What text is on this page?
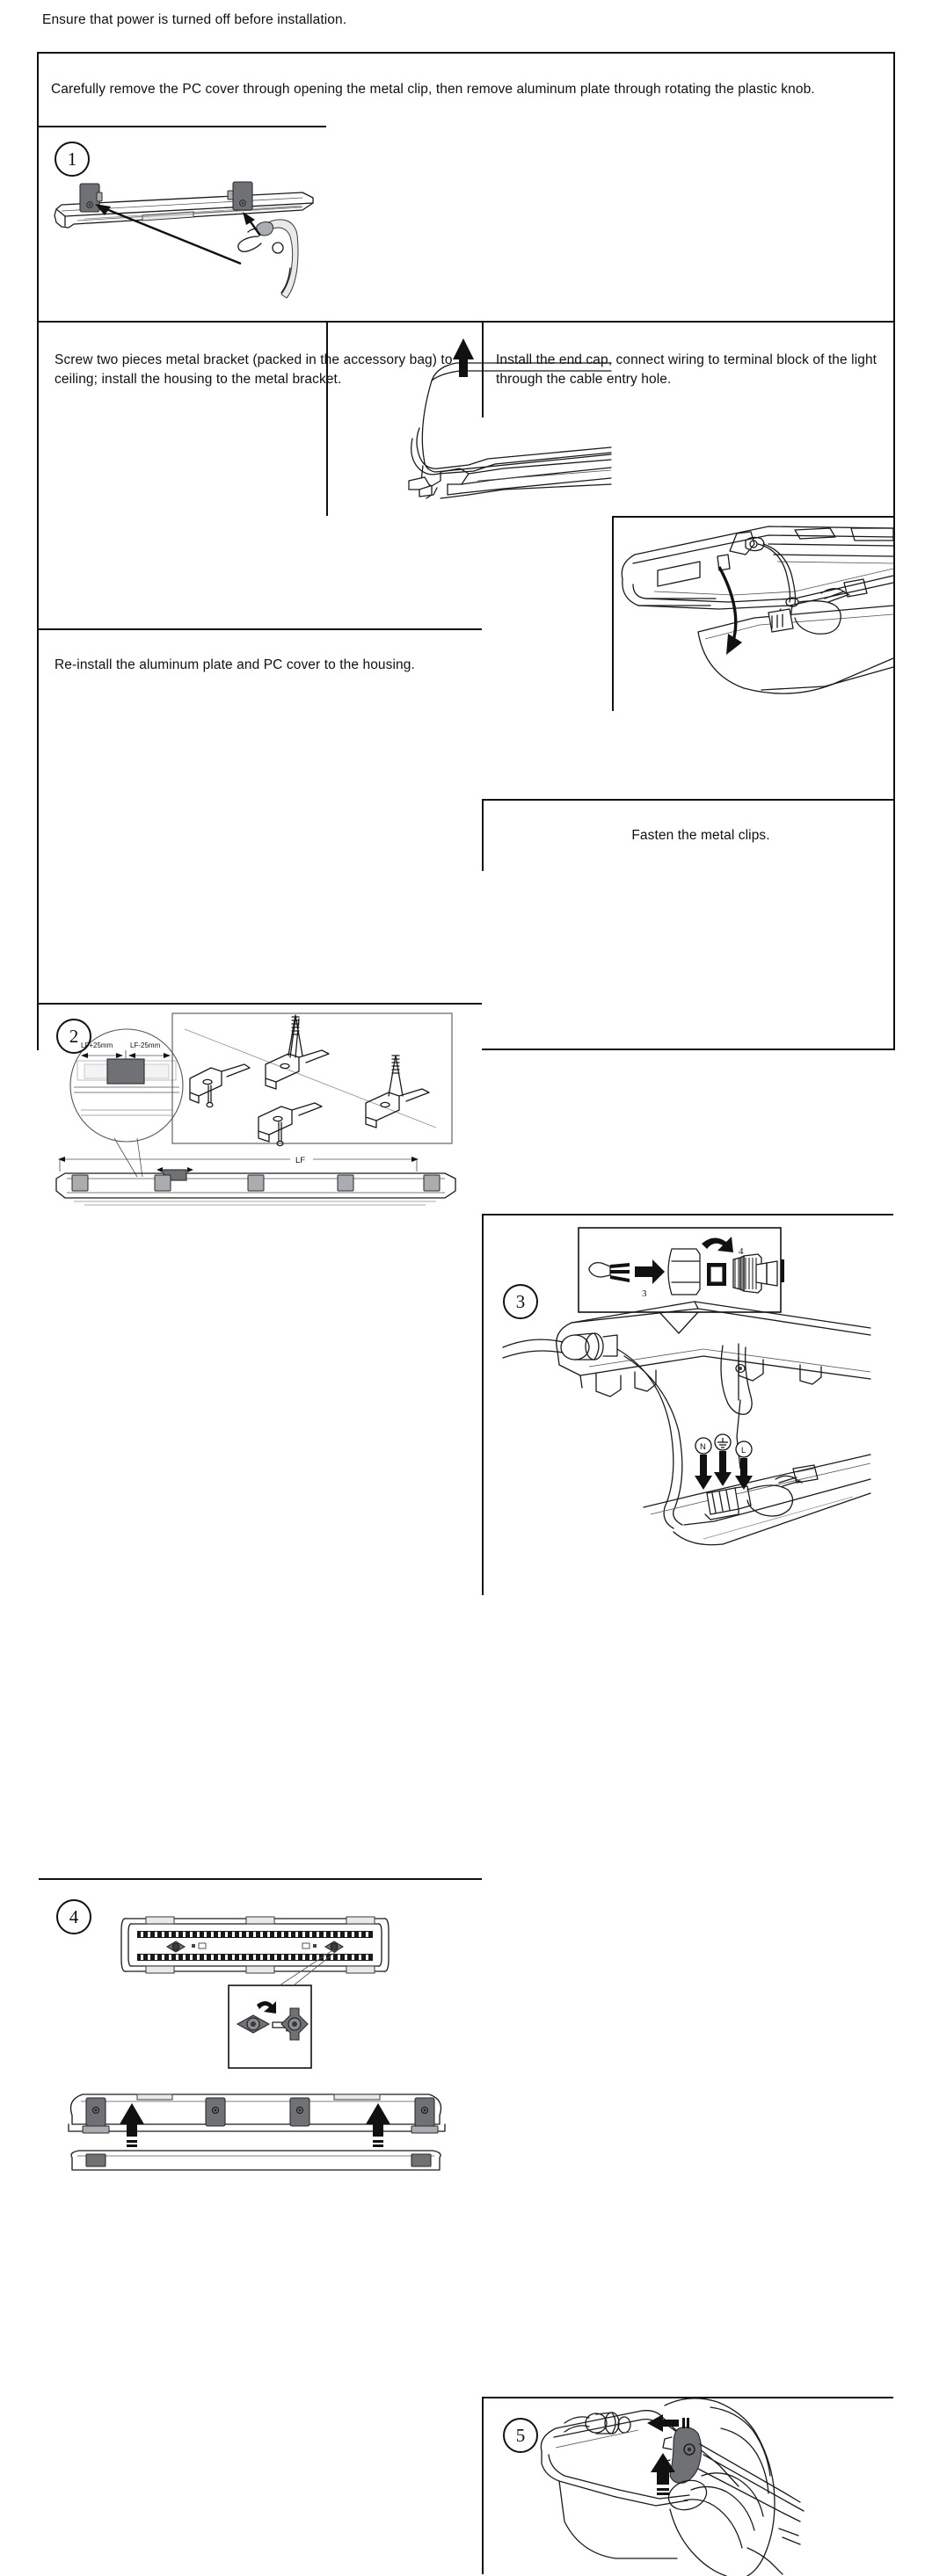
Ensure that power is turned off before installation.
Carefully remove the PC cover through opening the metal clip, then remove aluminum plate through rotating the plastic knob.
1
Screw two pieces metal bracket (packed in the accessory bag) to ceiling; install the housing to the metal bracket.
Install the end cap, connect wiring to terminal block of the light through the cable entry hole.
2 LF+25mm LF-25mm
LF
3	3
4
N	L
Re-install the aluminum plate and PC cover to the housing.
4
Fasten the metal clips.
5
